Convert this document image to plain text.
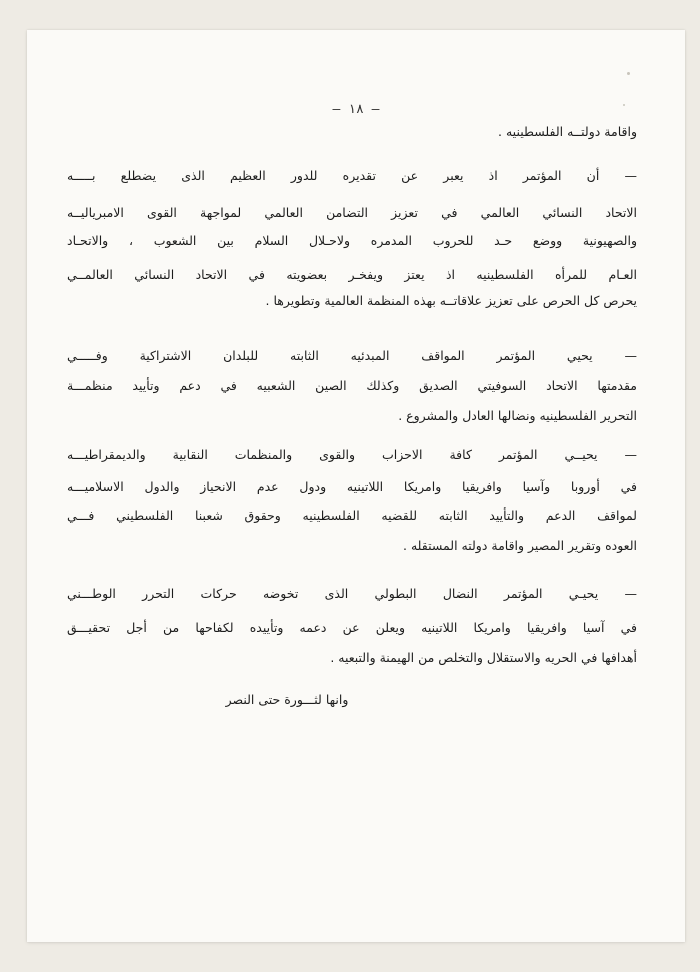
— ١٨ —
واقامة دولتــه الفلسطينيه .
— أن المؤتمر اذ يعبر عن تقديره للدور العظيم الذى يضطلع بـــــه
الاتحاد النسائي العالمي في تعزيز التضامن العالمي لمواجهة القوى الامبرياليــه
والصهيونية ووضع حـد للحروب المدمره ولاحـلال السلام بين الشعوب ، والاتحـاد
العـام للمرأه الفلسطينيه اذ يعتز ويفخـر بعضويته في الاتحاد النسائي العالمــي
يحرص كل الحرص على تعزيز علاقاتــه بهذه المنظمة العالمية وتطويرها .
— يحيي المؤتمر المواقف المبدئيه الثابته للبلدان الاشتراكية وفـــــي
مقدمتها الاتحاد السوفيتي الصديق وكذلك الصين الشعبيه في دعم وتأييد منظمـــة
التحرير الفلسطينيه ونضالها العادل والمشروع .
— يحيــي المؤتمر كافة الاحزاب والقوى والمنظمات النقابية والديمقراطيـــه
في أوروبا وآسيا وافريقيا وامريكا اللاتينيه ودول عدم الانحياز والدول الاسلاميـــه
لمواقف الدعم والتأييد الثابته للقضيه الفلسطينيه وحقوق شعبنا الفلسطيني فـــي
العوده وتقرير المصير واقامة دولته المستقله .
— يحيـي المؤتمر النضال البطولي الذى تخوضه حركات التحرر الوطـــني
في آسيا وافريقيا وامريكا اللاتينيه ويعلن عن دعمه وتأييده لكفاحها من أجل تحقيـــق
أهدافها في الحريه والاستقلال والتخلص من الهيمنة والتبعيه .
وانها لثـــورة حتى النصر
